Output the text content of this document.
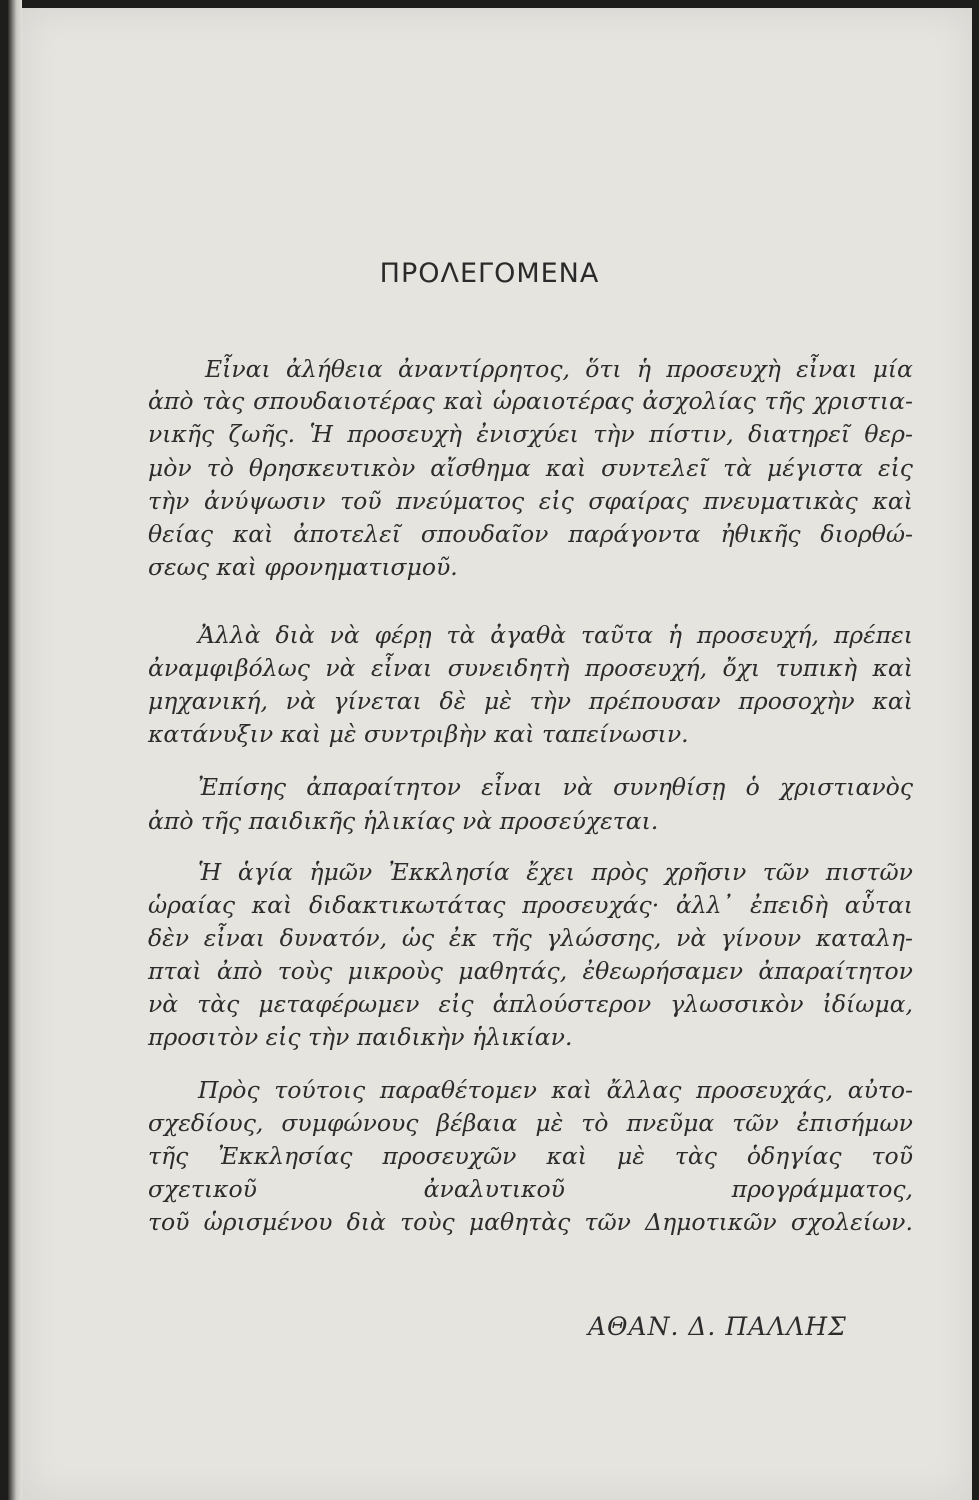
ΠΡΟΛΕΓΟΜΕΝΑ
Εἶναι ἀλήθεια ἀναντίρρητος, ὅτι ἡ προσευχὴ εἶναι μία
ἀπὸ τὰς σπουδαιοτέρας καὶ ὡραιοτέρας ἀσχολίας τῆς χριστια-
νικῆς ζωῆς. Ἡ προσευχὴ ἐνισχύει τὴν πίστιν, διατηρεῖ θερ-
μὸν τὸ θρησκευτικὸν αἴσθημα καὶ συντελεῖ τὰ μέγιστα εἰς
τὴν ἀνύψωσιν τοῦ πνεύματος εἰς σφαίρας πνευματικὰς καὶ
θείας καὶ ἀποτελεῖ σπουδαῖον παράγοντα ἠθικῆς διορθώ-
σεως καὶ φρονηματισμοῦ.
Ἀλλὰ διὰ νὰ φέρῃ τὰ ἀγαθὰ ταῦτα ἡ προσευχή, πρέπει
ἀναμφιβόλως νὰ εἶναι συνειδητὴ προσευχή, ὄχι τυπικὴ καὶ
μηχανική, νὰ γίνεται δὲ μὲ τὴν πρέπουσαν προσοχὴν καὶ
κατάνυξιν καὶ μὲ συντριβὴν καὶ ταπείνωσιν.
Ἐπίσης ἀπαραίτητον εἶναι νὰ συνηθίσῃ ὁ χριστιανὸς
ἀπὸ τῆς παιδικῆς ἡλικίας νὰ προσεύχεται.
Ἡ ἁγία ἡμῶν Ἐκκλησία ἔχει πρὸς χρῆσιν τῶν πιστῶν
ὡραίας καὶ διδακτικωτάτας προσευχάς· ἀλλ᾽ ἐπειδὴ αὗται
δὲν εἶναι δυνατόν, ὡς ἐκ τῆς γλώσσης, νὰ γίνουν καταλη-
πταὶ ἀπὸ τοὺς μικροὺς μαθητάς, ἐθεωρήσαμεν ἀπαραίτητον
νὰ τὰς μεταφέρωμεν εἰς ἁπλούστερον γλωσσικὸν ἰδίωμα,
προσιτὸν εἰς τὴν παιδικὴν ἡλικίαν.
Πρὸς τούτοις παραθέτομεν καὶ ἄλλας προσευχάς, αὐτο-
σχεδίους, συμφώνους βέβαια μὲ τὸ πνεῦμα τῶν ἐπισήμων
τῆς Ἐκκλησίας προσευχῶν καὶ μὲ τὰς ὁδηγίας τοῦ
σχετικοῦ	ἀναλυτικοῦ	προγράμματος,
τοῦ ὡρισμένου διὰ τοὺς μαθητὰς τῶν Δημοτικῶν σχολείων.
ΑΘΑΝ. Δ. ΠΑΛΛΗΣ
